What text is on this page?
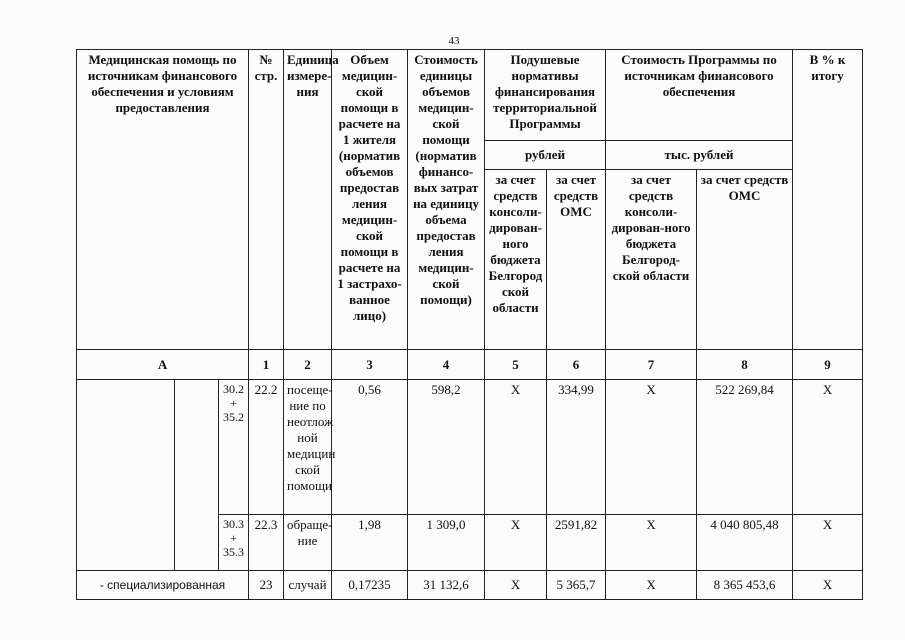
43
Медицинская помощь по источникам финансового обеспечения и условиям предоставления			№ стр.	Единица измере-ния	Объем медицин-ской помощи в расчете на 1 жителя (норматив объемов предостав ления медицин-ской помощи в расчете на 1 застрахо-ванное лицо)	Стоимость единицы объемов медицин-ской помощи (норматив финансо-вых затрат на единицу объема предостав ления медицин-ской помощи)	Подушевые нормативы финансирования территориальной Программы		Стоимость Программы по источникам финансового обеспечения		В % к итогу
							рублей		тыс. рублей		
							за счет средств консоли-дирован-ного бюджета Белгород ской области	за счет средств ОМС	за счет средств консоли-дирован-ного бюджета Белгород-ской области	за счет средств ОМС	
А			1	2	3	4	5	6	7	8	9
		30.2 + 35.2	22.2	посеще-ние по неотлож ной медицин ской помощи	0,56	598,2	X	334,99	X	522 269,84	X
		30.3 + 35.3	22.3	обраще-ние	1,98	1 309,0	X	2591,82	X	4 040 805,48	X
- специализированная			23	случай	0,17235	31 132,6	X	5 365,7	X	8 365 453,6	X
